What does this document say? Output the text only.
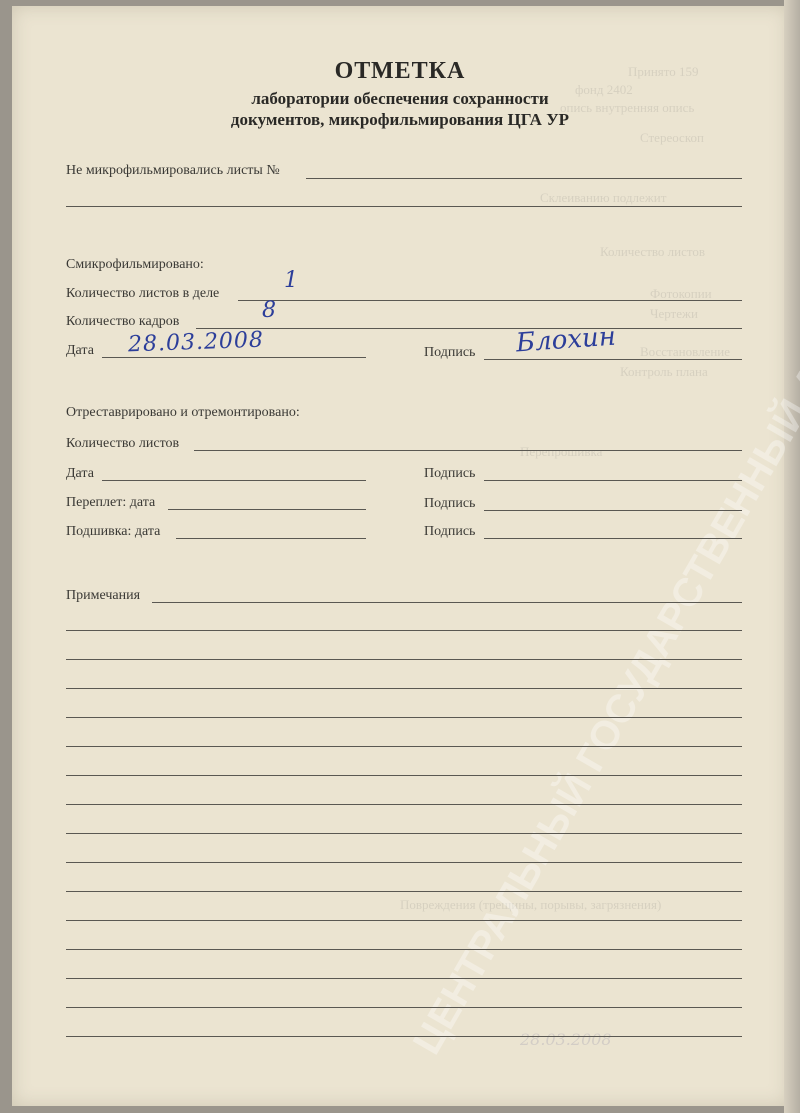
Принято 159
фонд 2402
опись внутренняя опись
Стереоскоп
Склеиванию подлежит
Количество листов
Фотокопии
Чертежи
Восстановление
Контроль плана
Перепрошивка
Повреждения (трещины, порывы, загрязнения)
28.03.2008
ЦЕНТРАЛЬНЫЙ ГОСУДАРСТВЕННЫЙ
ОТМЕТКА
лаборатории обеспечения сохранности
документов, микрофильмирования ЦГА УР
Не микрофильмировались листы №
Смикрофильмировано:
Количество листов в деле
1
Количество кадров	8
Дата 28.03.2008	Подпись Блохин
Отреставрировано и отремонтировано:
Количество листов
Дата	Подпись
Переплет: дата	Подпись
Подшивка: дата	Подпись
Примечания
